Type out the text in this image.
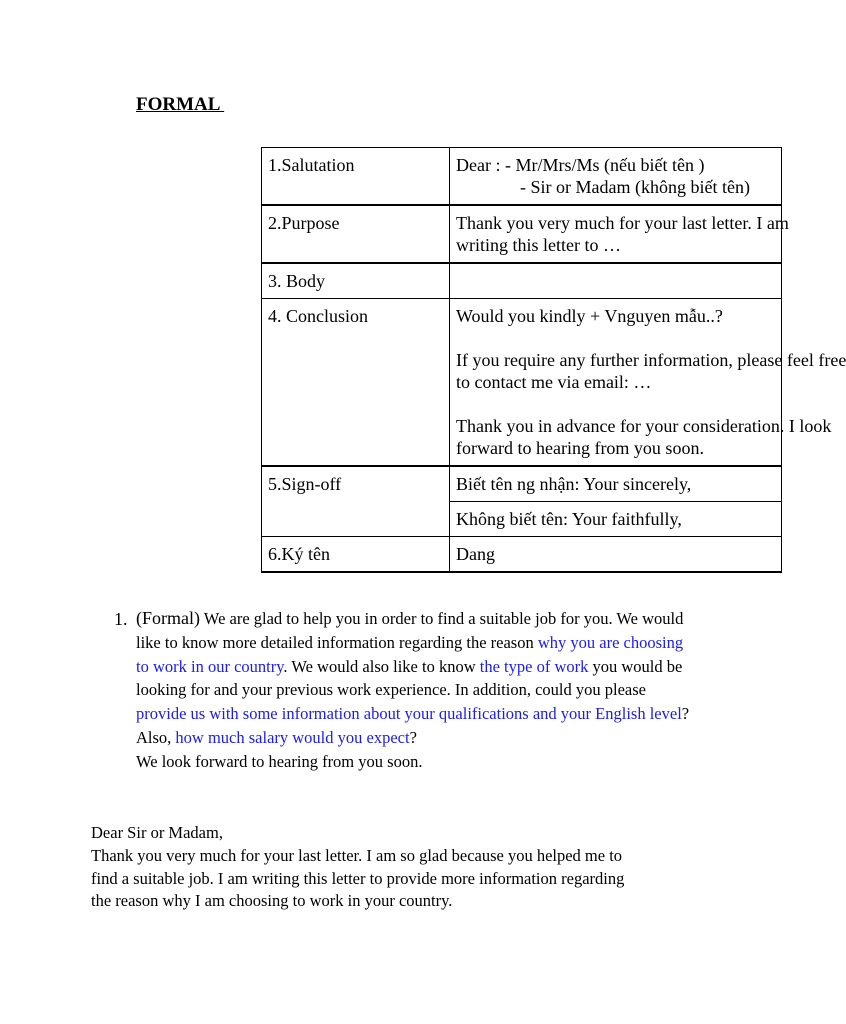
FORMAL
1.Salutation	Dear : - Mr/Mrs/Ms (nếu biết tên )
- Sir or Madam (không biết tên)

2.Purpose	Thank you very much for your last letter. I am
writing this letter to …

3. Body	
4. Conclusion	Would you kindly + Vnguyen mẫu..?
If you require any further information, please feel free
to contact me via email: …
Thank you in advance for your consideration. I look
forward to hearing from you soon.

5.Sign-off	Biết tên ng nhận: Your sincerely,

	Không biết tên: Your faithfully,

6.Ký tên	Dang
1. (Formal) We are glad to help you in order to find a suitable job for you. We would like to know more detailed information regarding the reason why you are choosing to work in our country. We would also like to know the type of work you would be looking for and your previous work experience. In addition, could you please provide us with some information about your qualifications and your English level? Also, how much salary would you expect?
We look forward to hearing from you soon.
Dear Sir or Madam,
Thank you very much for your last letter. I am so glad because you helped me to
find a suitable job. I am writing this letter to provide more information regarding
the reason why I am choosing to work in your country.
